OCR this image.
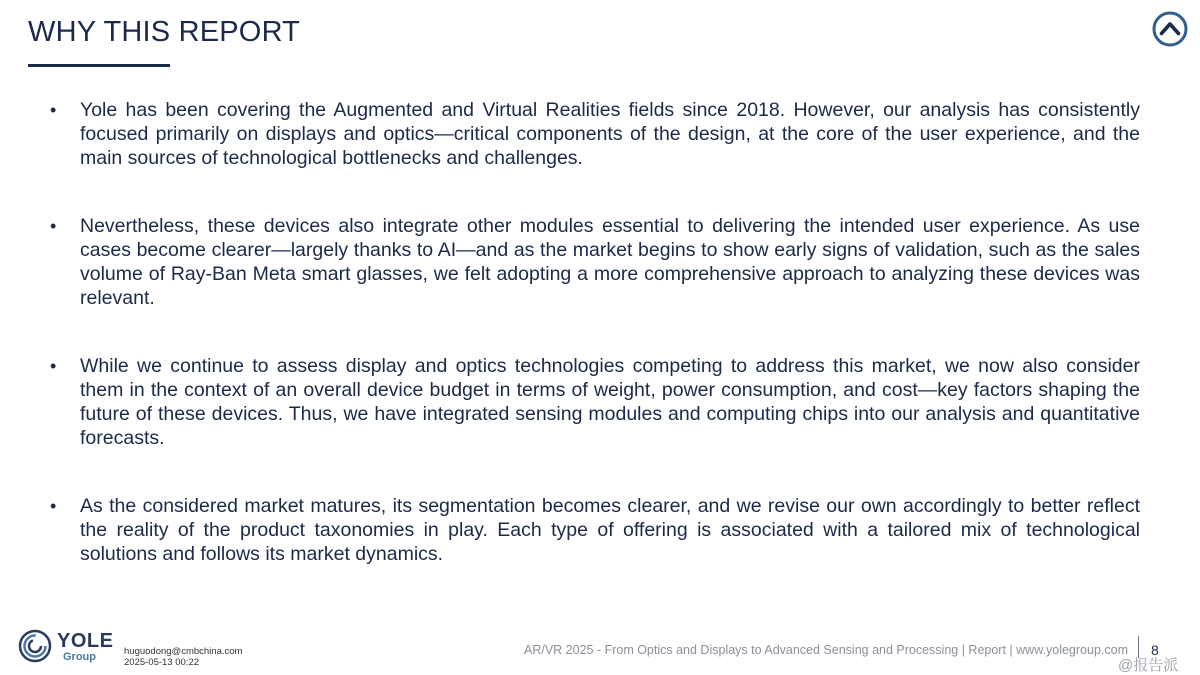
WHY THIS REPORT
• Yole has been covering the Augmented and Virtual Realities fields since 2018. However, our analysis has consistently focused primarily on displays and optics—critical components of the design, at the core of the user experience, and the main sources of technological bottlenecks and challenges.
• Nevertheless, these devices also integrate other modules essential to delivering the intended user experience. As use cases become clearer—largely thanks to AI—and as the market begins to show early signs of validation, such as the sales volume of Ray-Ban Meta smart glasses, we felt adopting a more comprehensive approach to analyzing these devices was relevant.
• While we continue to assess display and optics technologies competing to address this market, we now also consider them in the context of an overall device budget in terms of weight, power consumption, and cost—key factors shaping the future of these devices. Thus, we have integrated sensing modules and computing chips into our analysis and quantitative forecasts.
• As the considered market matures, its segmentation becomes clearer, and we revise our own accordingly to better reflect the reality of the product taxonomies in play. Each type of offering is associated with a tailored mix of technological solutions and follows its market dynamics.
YOLE
Group	huguodong@cmbchina.com
2025-05-13 00:22
AR/VR 2025 - From Optics and Displays to Advanced Sensing and Processing | Report | www.yolegroup.com 8
@报告派
